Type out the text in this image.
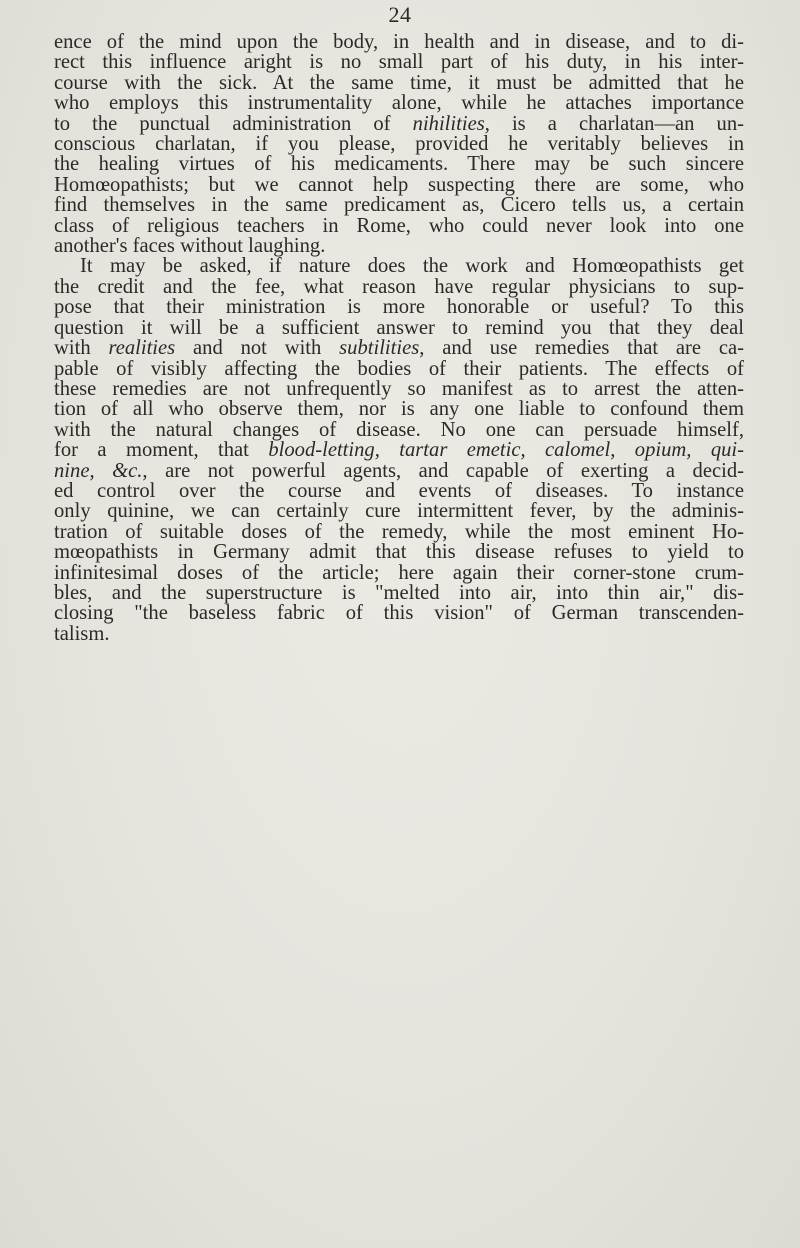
24

ence of the mind upon the body, in health and in disease, and to di-
rect this influence aright is no small part of his duty, in his inter-
course with the sick. At the same time, it must be admitted that he
who employs this instrumentality alone, while he attaches importance
to the punctual administration of nihilities, is a charlatan—an un-
conscious charlatan, if you please, provided he veritably believes in
the healing virtues of his medicaments. There may be such sincere
Homœopathists; but we cannot help suspecting there are some, who
find themselves in the same predicament as, Cicero tells us, a certain
class of religious teachers in Rome, who could never look into one
another's faces without laughing.

It may be asked, if nature does the work and Homœopathists get
the credit and the fee, what reason have regular physicians to sup-
pose that their ministration is more honorable or useful? To this
question it will be a sufficient answer to remind you that they deal
with realities and not with subtilities, and use remedies that are ca-
pable of visibly affecting the bodies of their patients. The effects of
these remedies are not unfrequently so manifest as to arrest the atten-
tion of all who observe them, nor is any one liable to confound them
with the natural changes of disease. No one can persuade himself,
for a moment, that blood-letting, tartar emetic, calomel, opium, qui-
nine, &c., are not powerful agents, and capable of exerting a decid-
ed control over the course and events of diseases. To instance
only quinine, we can certainly cure intermittent fever, by the adminis-
tration of suitable doses of the remedy, while the most eminent Ho-
mœopathists in Germany admit that this disease refuses to yield to
infinitesimal doses of the article; here again their corner-stone crum-
bles, and the superstructure is "melted into air, into thin air," dis-
closing "the baseless fabric of this vision" of German transcenden-
talism.
